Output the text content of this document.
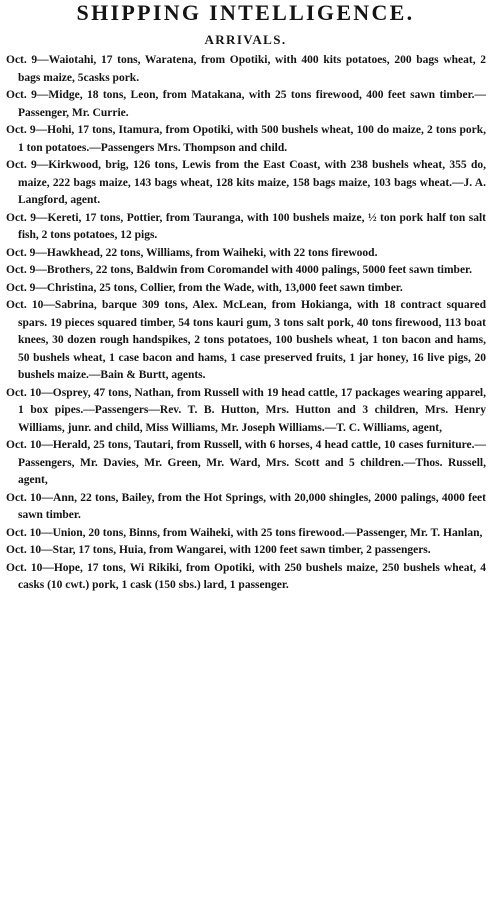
SHIPPING INTELLIGENCE.
ARRIVALS.
Oct. 9—Waiotahi, 17 tons, Waratena, from Opotiki, with 400 kits potatoes, 200 bags wheat, 2 bags maize, 5casks pork.
Oct. 9—Midge, 18 tons, Leon, from Matakana, with 25 tons firewood, 400 feet sawn timber.—Passenger, Mr. Currie.
Oct. 9—Hohi, 17 tons, Itamura, from Opotiki, with 500 bushels wheat, 100 do maize, 2 tons pork, 1 ton potatoes.—Passengers Mrs. Thompson and child.
Oct. 9—Kirkwood, brig, 126 tons, Lewis from the East Coast, with 238 bushels wheat, 355 do, maize, 222 bags maize, 143 bags wheat, 128 kits maize, 158 bags maize, 103 bags wheat.—J. A. Langford, agent.
Oct. 9—Kereti, 17 tons, Pottier, from Tauranga, with 100 bushels maize, ½ ton pork half ton salt fish, 2 tons potatoes, 12 pigs.
Oct. 9—Hawkhead, 22 tons, Williams, from Waiheki, with 22 tons firewood.
Oct. 9—Brothers, 22 tons, Baldwin from Coromandel with 4000 palings, 5000 feet sawn timber.
Oct. 9—Christina, 25 tons, Collier, from the Wade, with, 13,000 feet sawn timber.
Oct. 10—Sabrina, barque 309 tons, Alex. McLean, from Hokianga, with 18 contract squared spars. 19 pieces squared timber, 54 tons kauri gum, 3 tons salt pork, 40 tons firewood, 113 boat knees, 30 dozen rough handspikes, 2 tons potatoes, 100 bushels wheat, 1 ton bacon and hams, 50 bushels wheat, 1 case bacon and hams, 1 case preserved fruits, 1 jar honey, 16 live pigs, 20 bushels maize.—Bain & Burtt, agents.
Oct. 10—Osprey, 47 tons, Nathan, from Russell with 19 head cattle, 17 packages wearing apparel, 1 box pipes.—Passengers—Rev. T. B. Hutton, Mrs. Hutton and 3 children, Mrs. Henry Williams, junr. and child, Miss Williams, Mr. Joseph Williams.—T. C. Williams, agent,
Oct. 10—Herald, 25 tons, Tautari, from Russell, with 6 horses, 4 head cattle, 10 cases furniture.—Passengers, Mr. Davies, Mr. Green, Mr. Ward, Mrs. Scott and 5 children.—Thos. Russell, agent,
Oct. 10—Ann, 22 tons, Bailey, from the Hot Springs, with 20,000 shingles, 2000 palings, 4000 feet sawn timber.
Oct. 10—Union, 20 tons, Binns, from Waiheki, with 25 tons firewood.—Passenger, Mr. T. Hanlan,
Oct. 10—Star, 17 tons, Huia, from Wangarei, with 1200 feet sawn timber, 2 passengers.
Oct. 10—Hope, 17 tons, Wi Rikiki, from Opotiki, with 250 bushels maize, 250 bushels wheat, 4 casks (10 cwt.) pork, 1 cask (150 sbs.) lard, 1 passenger.
